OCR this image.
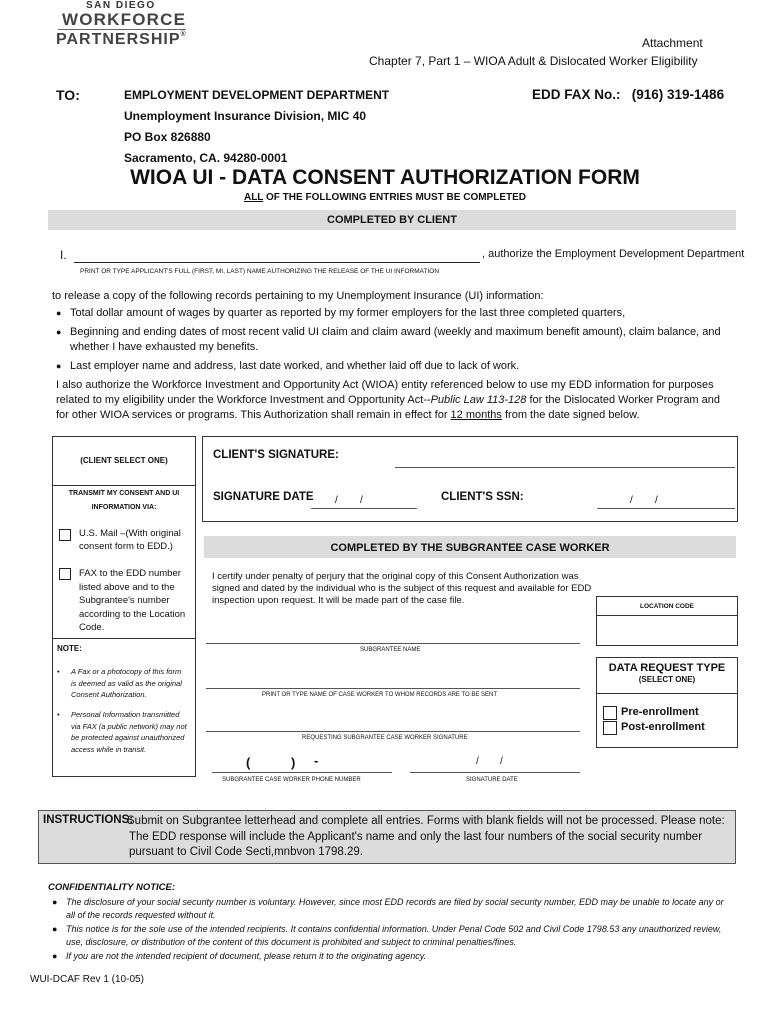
SAN DIEGO
WORKFORCE
PARTNERSHIP®
Attachment
Chapter 7, Part 1 – WIOA Adult & Dislocated Worker Eligibility
TO:	EMPLOYMENT DEVELOPMENT DEPARTMENT
Unemployment Insurance Division, MIC 40
PO Box 826880
Sacramento, CA. 94280-0001
EDD FAX No.:   (916) 319-1486
WIOA UI - DATA CONSENT AUTHORIZATION FORM
ALL OF THE FOLLOWING ENTRIES MUST BE COMPLETED
COMPLETED BY CLIENT
I.	, authorize the Employment Development Department
PRINT OR TYPE APPLICANT'S FULL (FIRST, MI, LAST) NAME AUTHORIZING THE RELEASE OF THE UI INFORMATION
to release a copy of the following records pertaining to my Unemployment Insurance (UI) information:
● Total dollar amount of wages by quarter as reported by my former employers for the last three completed quarters,
● Beginning and ending dates of most recent valid UI claim and claim award (weekly and maximum benefit amount), claim balance, and whether I have exhausted my benefits.
● Last employer name and address, last date worked, and whether laid off due to lack of work.
I also authorize the Workforce Investment and Opportunity Act (WIOA) entity referenced below to use my EDD information for purposes related to my eligibility under the Workforce Investment and Opportunity Act--Public Law 113-128 for the Dislocated Worker Program and for other WIOA services or programs. This Authorization shall remain in effect for 12 months from the date signed below.
(CLIENT SELECT ONE)
TRANSMIT MY CONSENT AND UI INFORMATION VIA:
U.S. Mail –(With original consent form to EDD.)
FAX to the EDD number listed above and to the Subgrantee's number according to the Location Code.
NOTE:
•	A Fax or a photocopy of this form is deemed as valid as the original Consent Authorization.
•	Personal Information transmitted via FAX (a public network) may not be protected against unauthorized access while in transit.
CLIENT'S SIGNATURE:
SIGNATURE DATE / /	CLIENT'S SSN:	/ /
COMPLETED BY THE SUBGRANTEE CASE WORKER
I certify under penalty of perjury that the original copy of this Consent Authorization was signed and dated by the individual who is the subject of this request and available for EDD inspection upon request. It will be made part of the case file.
LOCATION CODE
SUBGRANTEE NAME
PRINT OR TYPE NAME OF CASE WORKER TO WHOM RECORDS ARE TO BE SENT
REQUESTING SUBGRANTEE CASE WORKER SIGNATURE
(	) -
SUBGRANTEE CASE WORKER PHONE NUMBER
/ /
SIGNATURE DATE
DATA REQUEST TYPE
(SELECT ONE)
Pre-enrollment
Post-enrollment
INSTRUCTIONS:
Submit on Subgrantee letterhead and complete all entries. Forms with blank fields will not be processed. Please note: The EDD response will include the Applicant's name and only the last four numbers of the social security number pursuant to Civil Code Secti,mnbvon 1798.29.
CONFIDENTIALITY NOTICE:
● The disclosure of your social security number is voluntary. However, since most EDD records are filed by social security number, EDD may be unable to locate any or all of the records requested without it.
● This notice is for the sole use of the intended recipients. It contains confidential information. Under Penal Code 502 and Civil Code 1798.53 any unauthorized review, use, disclosure, or distribution of the content of this document is prohibited and subject to criminal penalties/fines.
● If you are not the intended recipient of document, please return it to the originating agency.
WUI-DCAF Rev 1 (10-05)
